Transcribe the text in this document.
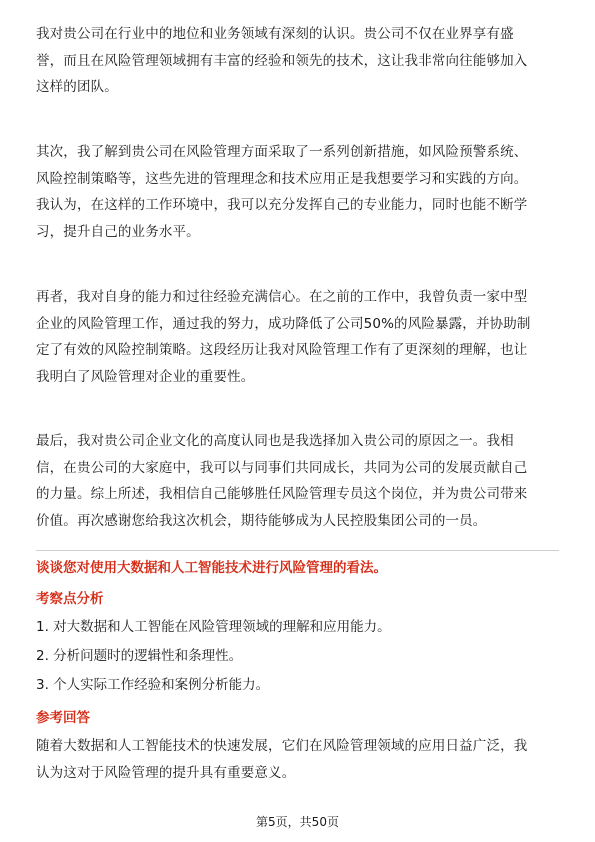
我对贵公司在行业中的地位和业务领域有深刻的认识。贵公司不仅在业界享有盛

誉，而且在风险管理领域拥有丰富的经验和领先的技术，这让我非常向往能够加入

这样的团队。

其次，我了解到贵公司在风险管理方面采取了一系列创新措施，如风险预警系统、

风险控制策略等，这些先进的管理理念和技术应用正是我想要学习和实践的方向。

我认为，在这样的工作环境中，我可以充分发挥自己的专业能力，同时也能不断学

习，提升自己的业务水平。

再者，我对自身的能力和过往经验充满信心。在之前的工作中，我曾负责一家中型

企业的风险管理工作，通过我的努力，成功降低了公司50%的风险暴露，并协助制

定了有效的风险控制策略。这段经历让我对风险管理工作有了更深刻的理解，也让

我明白了风险管理对企业的重要性。

最后，我对贵公司企业文化的高度认同也是我选择加入贵公司的原因之一。我相

信，在贵公司的大家庭中，我可以与同事们共同成长，共同为公司的发展贡献自己

的力量。综上所述，我相信自己能够胜任风险管理专员这个岗位，并为贵公司带来

价值。再次感谢您给我这次机会，期待能够成为人民控股集团公司的一员。

谈谈您对使用大数据和人工智能技术进行风险管理的看法。

考察点分析

1. 对大数据和人工智能在风险管理领域的理解和应用能力。

2. 分析问题时的逻辑性和条理性。

3. 个人实际工作经验和案例分析能力。

参考回答

随着大数据和人工智能技术的快速发展，它们在风险管理领域的应用日益广泛，我

认为这对于风险管理的提升具有重要意义。

第5页，共50页
